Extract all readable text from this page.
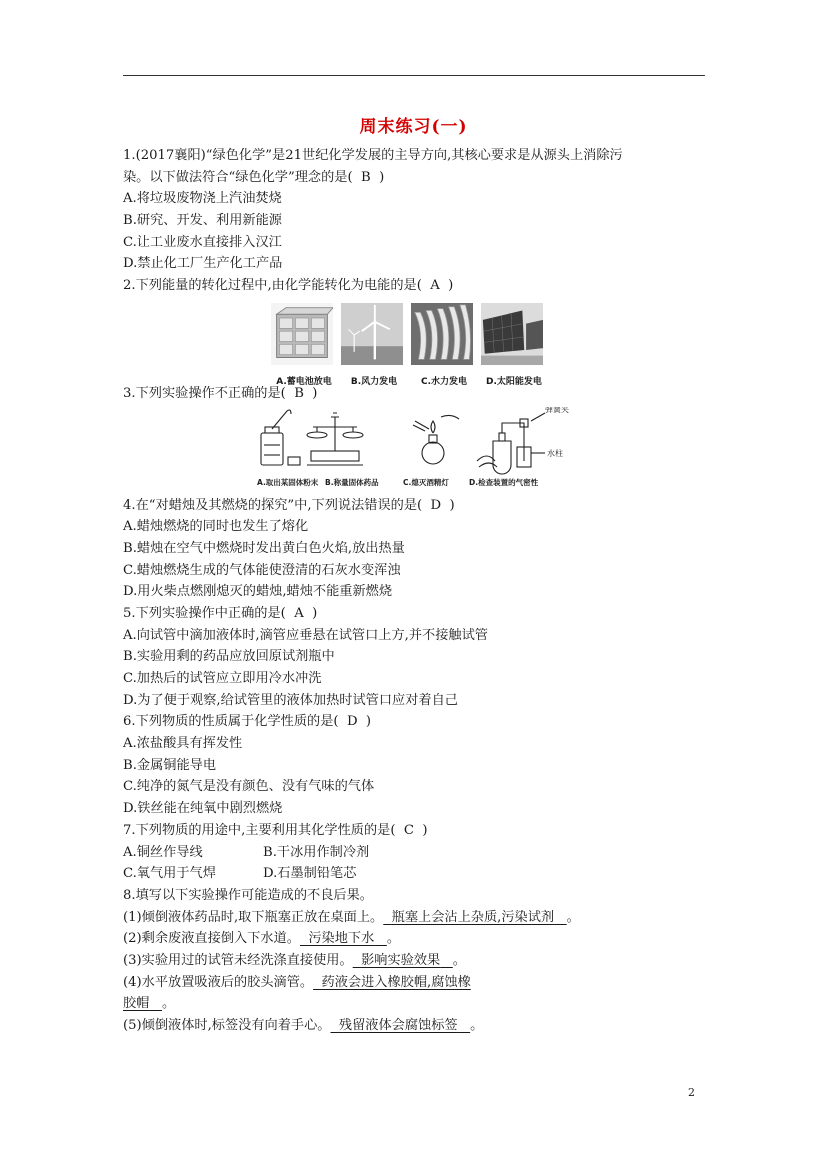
周末练习(一)
1.(2017襄阳)“绿色化学”是21世纪化学发展的主导方向,其核心要求是从源头上消除污
染。以下做法符合“绿色化学”理念的是( B )
A.将垃圾废物浇上汽油焚烧
B.研究、开发、利用新能源
C.让工业废水直接排入汉江
D.禁止化工厂生产化工产品
2.下列能量的转化过程中,由化学能转化为电能的是( A )
A.蓄电池放电	B.风力发电	C.水力发电	D.太阳能发电
3.下列实验操作不正确的是( B )
弹簧夹
水柱
A.取出某固体粉末 B.称量固体药品	C.熄灭酒精灯	D.检查装置的气密性
4.在“对蜡烛及其燃烧的探究”中,下列说法错误的是( D )
A.蜡烛燃烧的同时也发生了熔化
B.蜡烛在空气中燃烧时发出黄白色火焰,放出热量
C.蜡烛燃烧生成的气体能使澄清的石灰水变浑浊
D.用火柴点燃刚熄灭的蜡烛,蜡烛不能重新燃烧
5.下列实验操作中正确的是( A )
A.向试管中滴加液体时,滴管应垂悬在试管口上方,并不接触试管
B.实验用剩的药品应放回原试剂瓶中
C.加热后的试管应立即用冷水冲洗
D.为了便于观察,给试管里的液体加热时试管口应对着自己
6.下列物质的性质属于化学性质的是( D )
A.浓盐酸具有挥发性
B.金属铜能导电
C.纯净的氮气是没有颜色、没有气味的气体
D.铁丝能在纯氧中剧烈燃烧
7.下列物质的用途中,主要利用其化学性质的是( C )
A.铜丝作导线	B.干冰用作制冷剂
C.氧气用于气焊	D.石墨制铅笔芯
8.填写以下实验操作可能造成的不良后果。
(1)倾倒液体药品时,取下瓶塞正放在桌面上。 瓶塞上会沾上杂质,污染试剂 。
(2)剩余废液直接倒入下水道。 污染地下水 。
(3)实验用过的试管未经洗涤直接使用。 影响实验效果 。
(4)水平放置吸液后的胶头滴管。 药液会进入橡胶帽,腐蚀橡
胶帽 。
(5)倾倒液体时,标签没有向着手心。 残留液体会腐蚀标签 。
2
